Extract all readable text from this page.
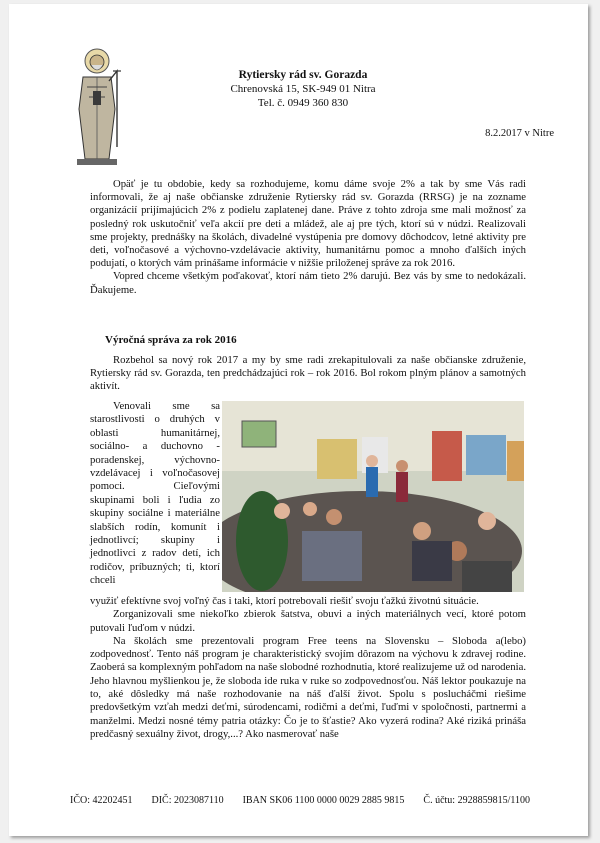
Rytiersky rád sv. Gorazda
Chrenovská 15, SK-949 01 Nitra
Tel. č. 0949 360 830
8.2.2017 v Nitre

Opäť je tu obdobie, kedy sa rozhodujeme, komu dáme svoje 2% a tak by sme Vás radi informovali, že aj naše občianske združenie Rytiersky rád sv. Gorazda (RRSG) je na zozname organizácií prijímajúcich 2% z podielu zaplatenej dane. Práve z tohto zdroja sme mali možnosť za posledný rok uskutočniť veľa akcií pre deti a mládež, ale aj pre tých, ktorí sú v núdzi. Realizovali sme projekty, prednášky na školách, divadelné vystúpenia pre domovy dôchodcov, letné aktivity pre deti, voľnočasové a výchovno-vzdelávacie aktivity, humanitárnu pomoc a mnoho ďalších iných podujatí, o ktorých vám prinášame informácie v nižšie priloženej správe za rok 2016.

Vopred chceme všetkým poďakovať, ktorí nám tieto 2% darujú. Bez vás by sme to nedokázali. Ďakujeme.

Výročná správa za rok 2016
Rozbehol sa nový rok 2017 a my by sme radi zrekapitulovali za naše občianske združenie, Rytiersky rád sv. Gorazda, ten predchádzajúci rok – rok 2016. Bol rokom plným plánov a samotných aktivít.

Venovali sme sa starostlivosti o druhých v oblasti humanitárnej, sociálno- a duchovno - poradenskej, výchovno-vzdelávacej i voľnočasovej pomoci. Cieľovými skupinami boli i ľudia zo skupiny sociálne i materiálne slabších rodín, komunít i jednotlivcí; skupiny i jednotlivci z radov detí, ich rodičov, príbuzných; ti, ktorí chceli

využiť efektívne svoj voľný čas i taki, ktorí potrebovali riešiť svoju ťažkú životnú situácie.

Zorganizovali sme niekoľko zbierok šatstva, obuvi a iných materiálnych vecí, ktoré potom putovali ľuďom v núdzi.

Na školách sme prezentovali program Free teens na Slovensku – Sloboda a(lebo) zodpovednosť. Tento náš program je charakteristický svojím dôrazom na výchovu k zdravej rodine. Zaoberá sa komplexným pohľadom na naše slobodné rozhodnutia, ktoré realizujeme už od narodenia. Jeho hlavnou myšlienkou je, že sloboda ide ruka v ruke so zodpovednosťou. Náš lektor poukazuje na to, aké dôsledky má naše rozhodovanie na náš ďalší život. Spolu s poslucháčmi riešime predovšetkým vzťah medzi deťmi, súrodencami, rodičmi a deťmi, ľuďmi v spoločnosti, partnermi a manželmi. Medzi nosné témy patria otázky: Čo je to šťastie? Ako vyzerá rodina? Aké riziká prináša predčasný sexuálny život, drogy,...? Ako nasmerovať naše

IČO: 42202451 DIČ: 2023087110 IBAN SK06 1100 0000 0029 2885 9815 Č. účtu: 2928859815/1100
